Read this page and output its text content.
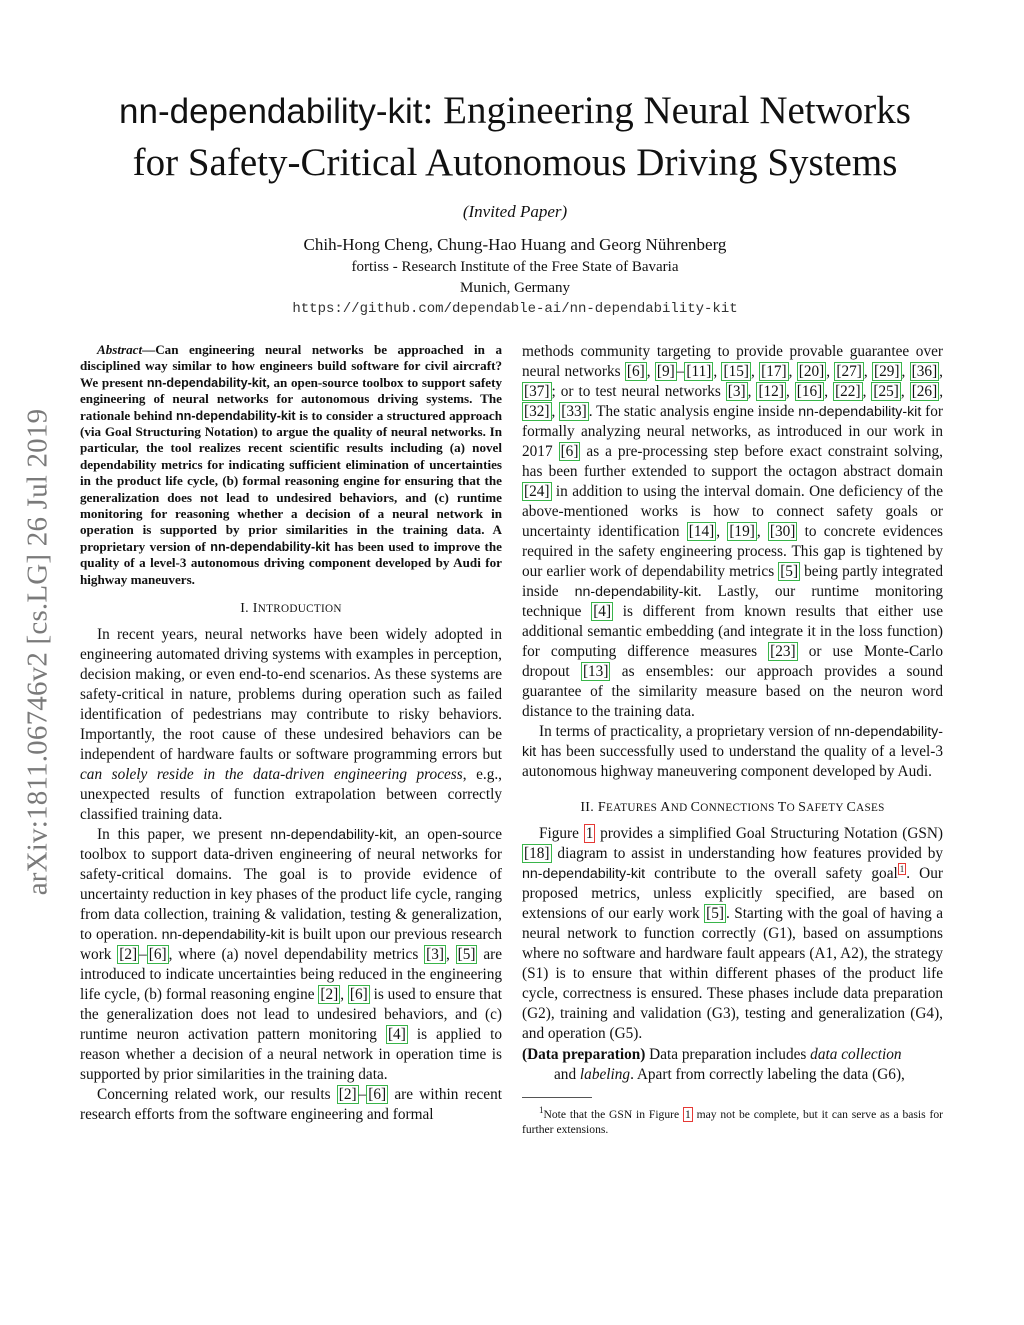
arXiv:1811.06746v2 [cs.LG] 26 Jul 2019
nn-dependability-kit: Engineering Neural Networks
for Safety-Critical Autonomous Driving Systems
(Invited Paper)
Chih-Hong Cheng, Chung-Hao Huang and Georg Nührenberg
fortiss - Research Institute of the Free State of Bavaria
Munich, Germany
https://github.com/dependable-ai/nn-dependability-kit

Abstract—Can engineering neural networks be approached in a disciplined way similar to how engineers build software for civil aircraft? We present nn-dependability-kit, an open-source toolbox to support safety engineering of neural networks for autonomous driving systems. The rationale behind nn-dependability-kit is to consider a structured approach (via Goal Structuring Notation) to argue the quality of neural networks. In particular, the tool realizes recent scientific results including (a) novel dependability metrics for indicating sufficient elimination of uncertainties in the product life cycle, (b) formal reasoning engine for ensuring that the generalization does not lead to undesired behaviors, and (c) runtime monitoring for reasoning whether a decision of a neural network in operation is supported by prior similarities in the training data. A proprietary version of nn-dependability-kit has been used to improve the quality of a level-3 autonomous driving component developed by Audi for highway maneuvers.

I. INTRODUCTION

In recent years, neural networks have been widely adopted in engineering automated driving systems with examples in perception, decision making, or even end-to-end scenarios. As these systems are safety-critical in nature, problems during operation such as failed identification of pedestrians may contribute to risky behaviors. Importantly, the root cause of these undesired behaviors can be independent of hardware faults or software programming errors but can solely reside in the data-driven engineering process, e.g., unexpected results of function extrapolation between correctly classified training data.

In this paper, we present nn-dependability-kit, an open-source toolbox to support data-driven engineering of neural networks for safety-critical domains. The goal is to provide evidence of uncertainty reduction in key phases of the product life cycle, ranging from data collection, training & validation, testing & generalization, to operation. nn-dependability-kit is built upon our previous research work [2] – [6] , where (a) novel dependability metrics [3] , [5] are introduced to indicate uncertainties being reduced in the engineering life cycle, (b) formal reasoning engine [2] , [6] is used to ensure that the generalization does not lead to undesired behaviors, and (c) runtime neuron activation pattern monitoring [4] is applied to reason whether a decision of a neural network in operation time is supported by prior similarities in the training data.

Concerning related work, our results [2] – [6] are within recent research efforts from the software engineering and formal

methods community targeting to provide provable guarantee over neural networks [6] , [9] – [11] , [15] , [17] , [20] , [27] , [29] , [36] , [37] ; or to test neural networks [3] , [12] , [16] , [22] , [25] , [26] , [32] , [33] . The static analysis engine inside nn-dependability-kit for formally analyzing neural networks, as introduced in our work in 2017 [6] as a pre-processing step before exact constraint solving, has been further extended to support the octagon abstract domain [24] in addition to using the interval domain. One deficiency of the above-mentioned works is how to connect safety goals or uncertainty identification [14] , [19] , [30] to concrete evidences required in the safety engineering process. This gap is tightened by our earlier work of dependability metrics [5] being partly integrated inside nn-dependability-kit. Lastly, our runtime monitoring technique [4] is different from known results that either use additional semantic embedding (and integrate it in the loss function) for computing difference measures [23] or use Monte-Carlo dropout [13] as ensembles: our approach provides a sound guarantee of the similarity measure based on the neuron word distance to the training data.

In terms of practicality, a proprietary version of nn-dependability-kit has been successfully used to understand the quality of a level-3 autonomous highway maneuvering component developed by Audi.

II. FEATURES AND CONNECTIONS TO SAFETY CASES

Figure 1 provides a simplified Goal Structuring Notation (GSN) [18] diagram to assist in understanding how features provided by nn-dependability-kit contribute to the overall safety goal $^1$ . Our proposed metrics, unless explicitly specified, are based on extensions of our early work [5] . Starting with the goal of having a neural network to function correctly (G1), based on assumptions where no software and hardware fault appears (A1, A2), the strategy (S1) is to ensure that within different phases of the product life cycle, correctness is ensured. These phases include data preparation (G2), training and validation (G3), testing and generalization (G4), and operation (G5).

(Data preparation) Data preparation includes data collection

and labeling. Apart from correctly labeling the data (G6),

$^1$Note that the GSN in Figure 1 may not be complete, but it can serve as a basis for further extensions.
